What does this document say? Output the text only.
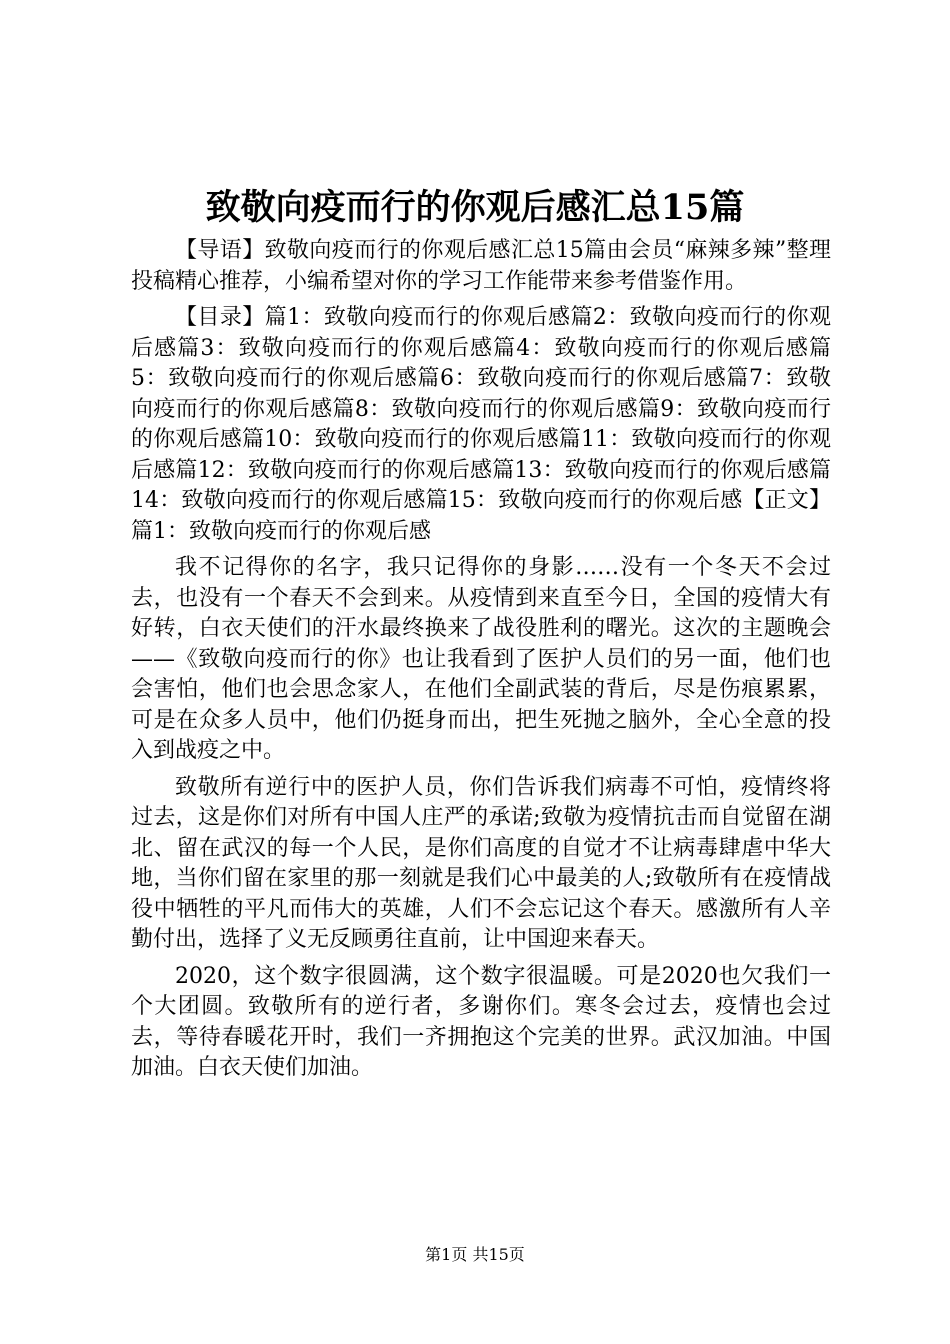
致敬向疫而行的你观后感汇总15篇

【导语】致敬向疫而行的你观后感汇总15篇由会员“麻辣多辣”整理投稿精心推荐，小编希望对你的学习工作能带来参考借鉴作用。

【目录】篇1：致敬向疫而行的你观后感篇2：致敬向疫而行的你观后感篇3：致敬向疫而行的你观后感篇4：致敬向疫而行的你观后感篇5：致敬向疫而行的你观后感篇6：致敬向疫而行的你观后感篇7：致敬向疫而行的你观后感篇8：致敬向疫而行的你观后感篇9：致敬向疫而行的你观后感篇10：致敬向疫而行的你观后感篇11：致敬向疫而行的你观后感篇12：致敬向疫而行的你观后感篇13：致敬向疫而行的你观后感篇14：致敬向疫而行的你观后感篇15：致敬向疫而行的你观后感【正文】篇1：致敬向疫而行的你观后感

我不记得你的名字，我只记得你的身影……没有一个冬天不会过去，也没有一个春天不会到来。从疫情到来直至今日，全国的疫情大有好转，白衣天使们的汗水最终换来了战役胜利的曙光。这次的主题晚会——《致敬向疫而行的你》也让我看到了医护人员们的另一面，他们也会害怕，他们也会思念家人，在他们全副武装的背后，尽是伤痕累累，可是在众多人员中，他们仍挺身而出，把生死抛之脑外，全心全意的投入到战疫之中。

致敬所有逆行中的医护人员，你们告诉我们病毒不可怕，疫情终将过去，这是你们对所有中国人庄严的承诺;致敬为疫情抗击而自觉留在湖北、留在武汉的每一个人民，是你们高度的自觉才不让病毒肆虐中华大地，当你们留在家里的那一刻就是我们心中最美的人;致敬所有在疫情战役中牺牲的平凡而伟大的英雄，人们不会忘记这个春天。感激所有人辛勤付出，选择了义无反顾勇往直前，让中国迎来春天。

2020，这个数字很圆满，这个数字很温暖。可是2020也欠我们一个大团圆。致敬所有的逆行者，多谢你们。寒冬会过去，疫情也会过去，等待春暖花开时，我们一齐拥抱这个完美的世界。武汉加油。中国加油。白衣天使们加油。

第1页 共15页
